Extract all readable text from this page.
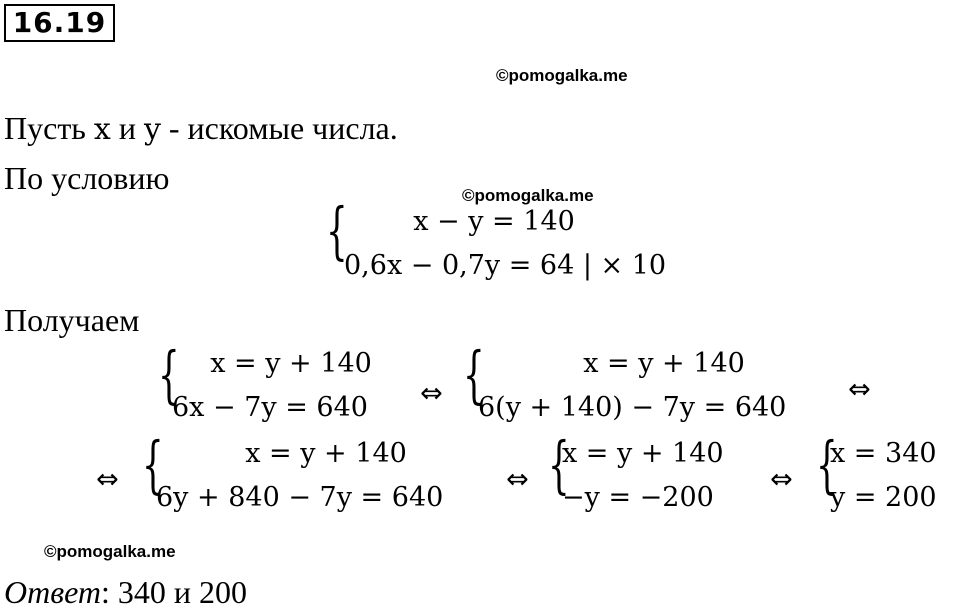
16.19
©pomogalka.me
©pomogalka.me
©pomogalka.me
Пусть x и y - искомые числа.
По условию
{	x − y = 140
0,6x − 0,7y = 64 | × 10
Получаем
{	x = y + 140
6x − 7y = 640 ⇔ {	x = y + 140
6(y + 140) − 7y = 640
⇔
⇔ {	x = y + 140
6y + 840 − 7y = 640
⇔ {
x = y + 140
−y = −200
⇔ {
x = 340
y = 200
Ответ: 340 и 200
